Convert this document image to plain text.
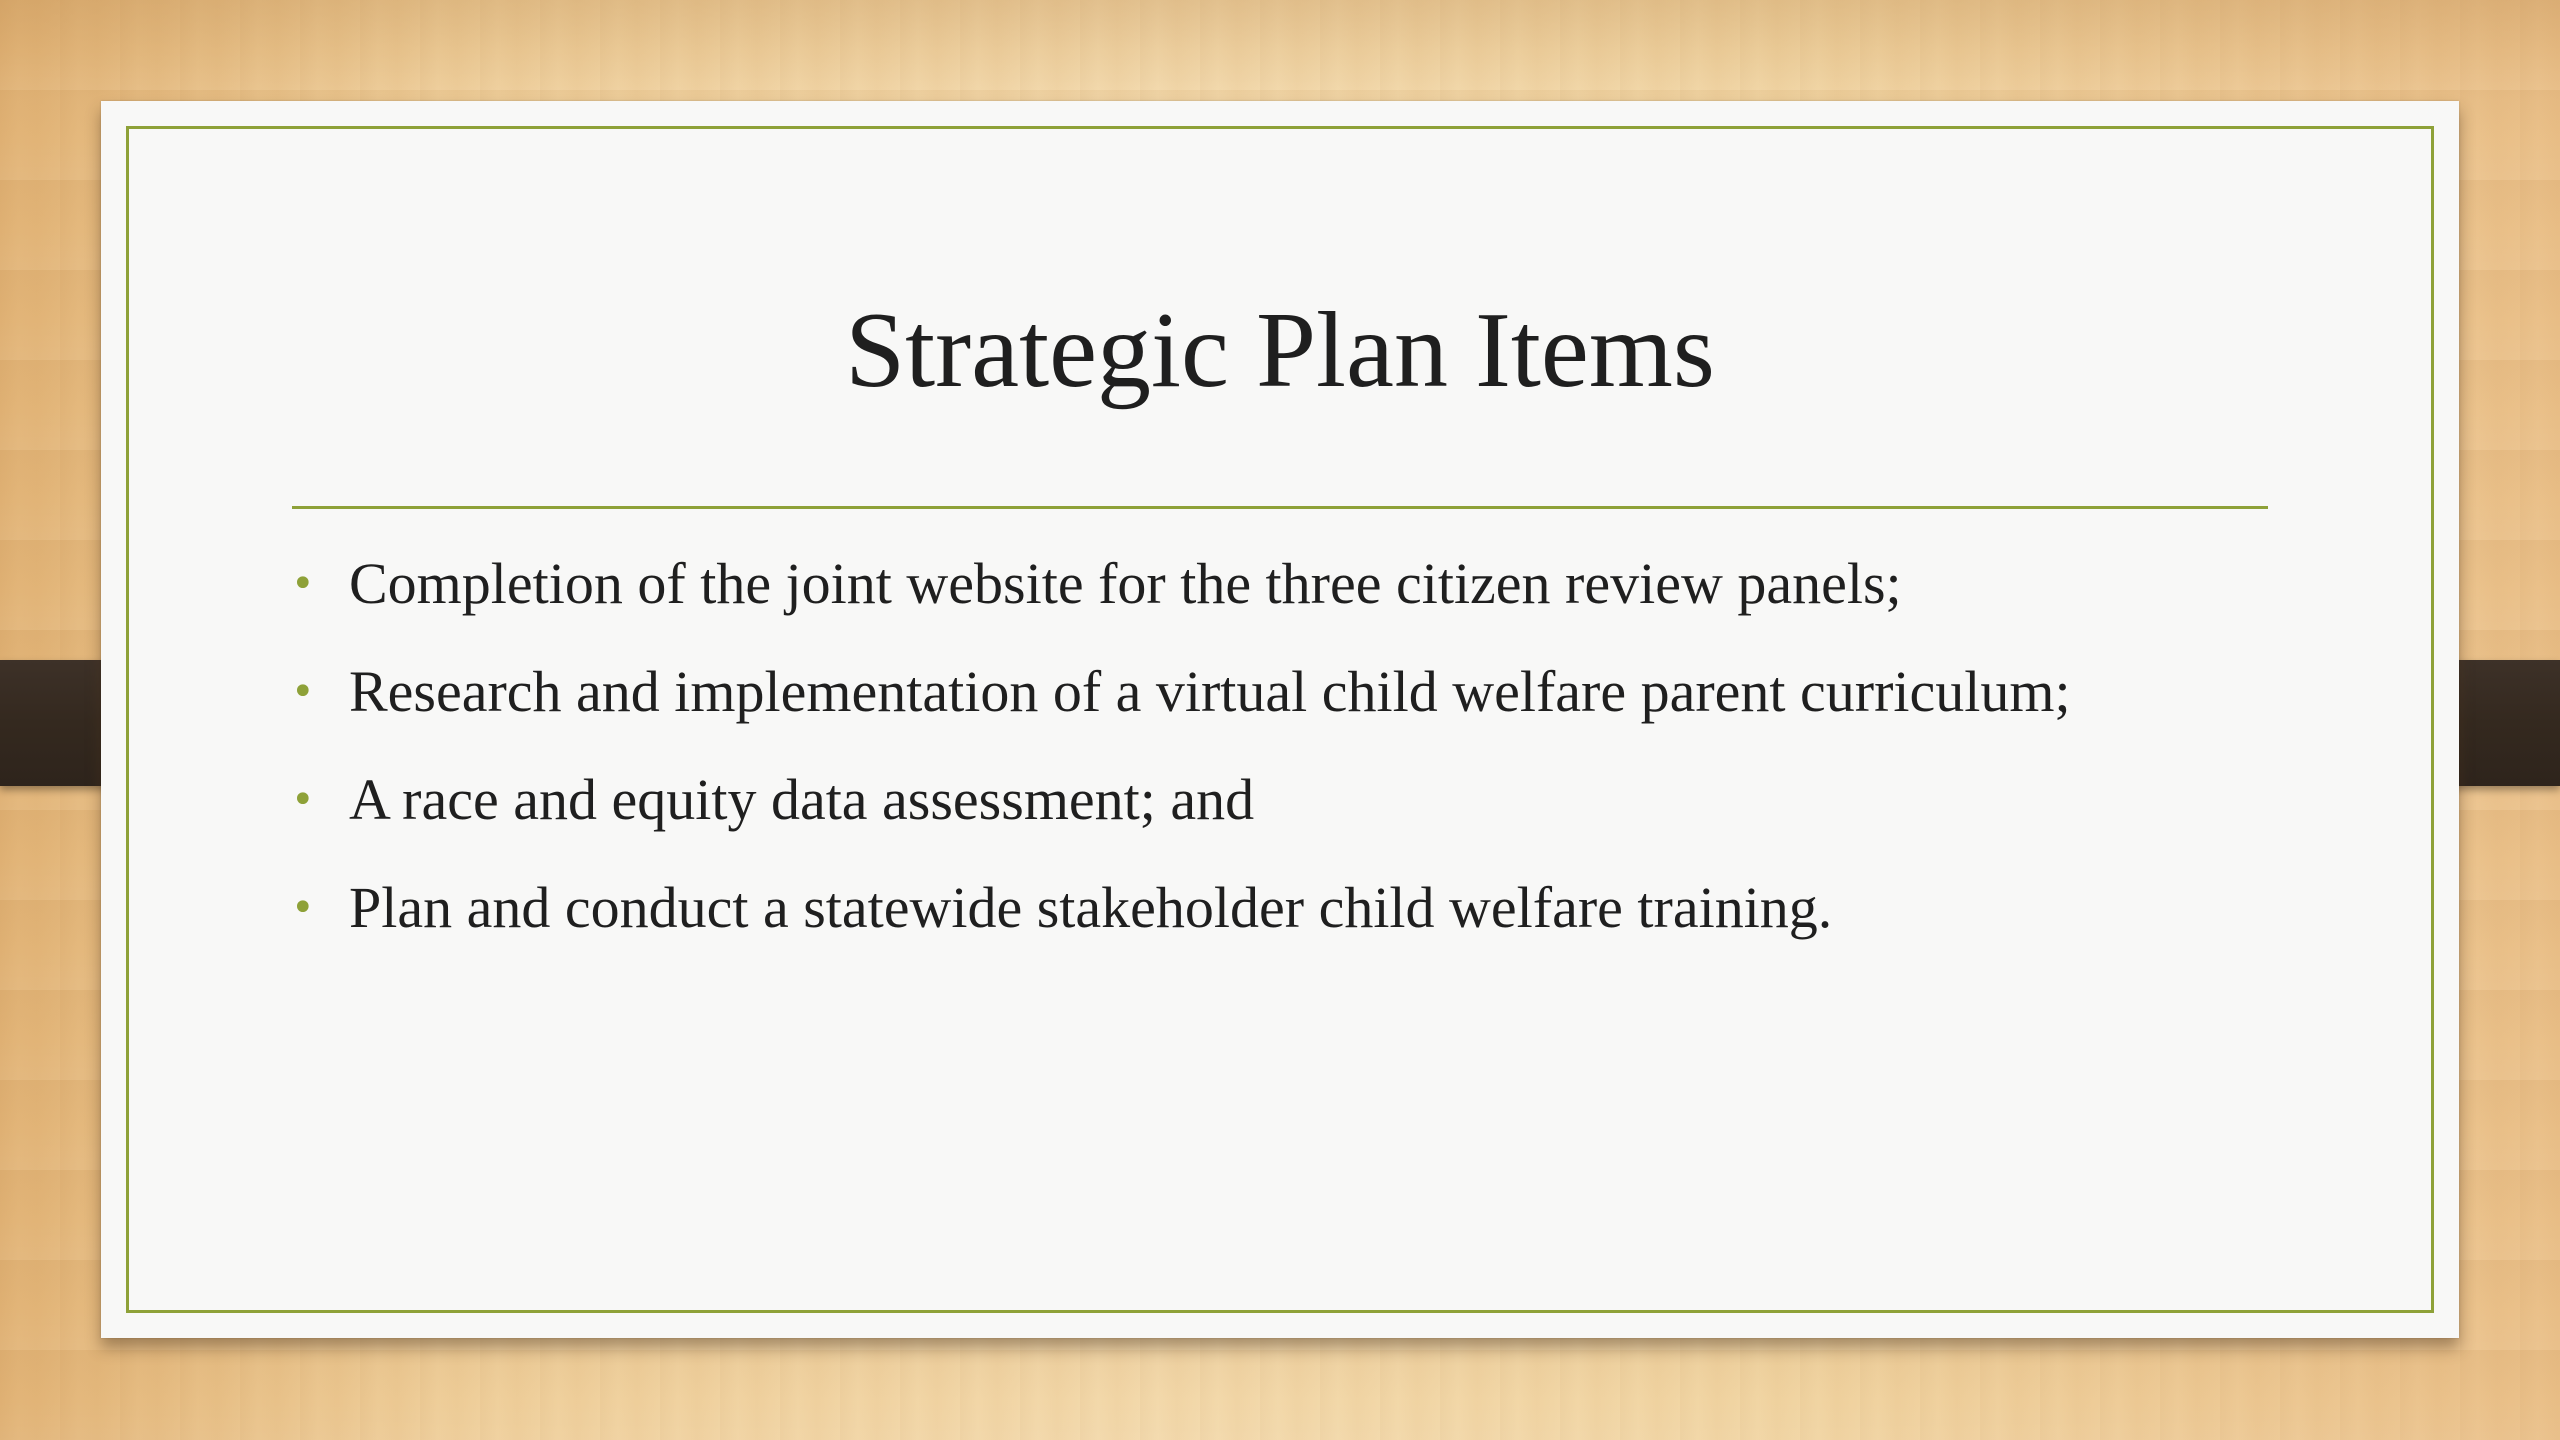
Strategic Plan Items
• Completion of the joint website for the three citizen review panels;
• Research and implementation of a virtual child welfare parent curriculum;
• A race and equity data assessment; and
• Plan and conduct a statewide stakeholder child welfare training.
